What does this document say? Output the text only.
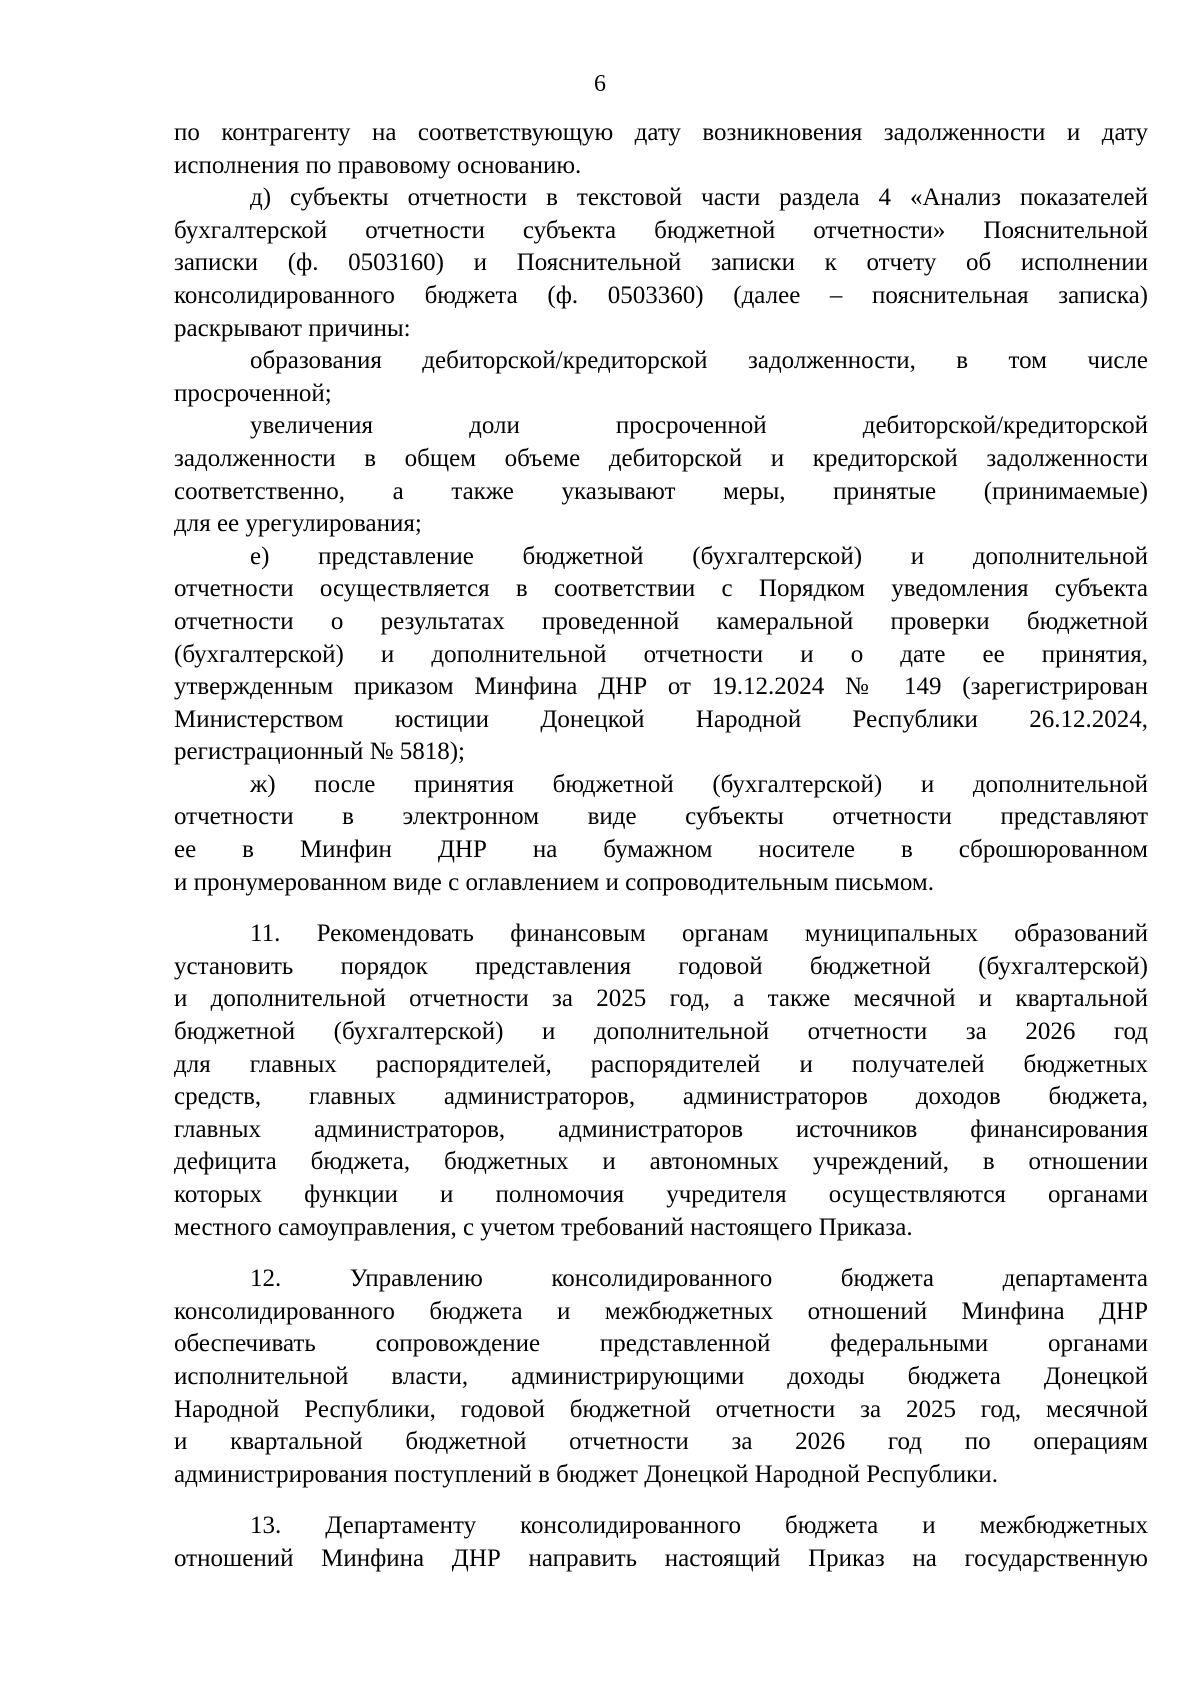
6
по контрагенту на соответствующую дату возникновения задолженности и дату
исполнения по правовому основанию.
д) субъекты отчетности в текстовой части раздела 4 «Анализ показателей
бухгалтерской отчетности субъекта бюджетной отчетности» Пояснительной
записки (ф. 0503160) и Пояснительной записки к отчету об исполнении
консолидированного бюджета (ф. 0503360) (далее – пояснительная записка)
раскрывают причины:
образования дебиторской/кредиторской задолженности, в том числе
просроченной;
увеличения доли просроченной дебиторской/кредиторской
задолженности в общем объеме дебиторской и кредиторской задолженности
соответственно, а также указывают меры, принятые (принимаемые)
для ее урегулирования;
е) представление бюджетной (бухгалтерской) и дополнительной
отчетности осуществляется в соответствии с Порядком уведомления субъекта
отчетности о результатах проведенной камеральной проверки бюджетной
(бухгалтерской) и дополнительной отчетности и о дате ее принятия,
утвержденным приказом Минфина ДНР от 19.12.2024 № 149 (зарегистрирован
Министерством юстиции Донецкой Народной Республики 26.12.2024,
регистрационный № 5818);
ж) после принятия бюджетной (бухгалтерской) и дополнительной
отчетности в электронном виде субъекты отчетности представляют
ее в Минфин ДНР на бумажном носителе в сброшюрованном
и пронумерованном виде с оглавлением и сопроводительным письмом.
11. Рекомендовать финансовым органам муниципальных образований
установить порядок представления годовой бюджетной (бухгалтерской)
и дополнительной отчетности за 2025 год, а также месячной и квартальной
бюджетной (бухгалтерской) и дополнительной отчетности за 2026 год
для главных распорядителей, распорядителей и получателей бюджетных
средств, главных администраторов, администраторов доходов бюджета,
главных администраторов, администраторов источников финансирования
дефицита бюджета, бюджетных и автономных учреждений, в отношении
которых функции и полномочия учредителя осуществляются органами
местного самоуправления, с учетом требований настоящего Приказа.
12. Управлению консолидированного бюджета департамента
консолидированного бюджета и межбюджетных отношений Минфина ДНР
обеспечивать сопровождение представленной федеральными органами
исполнительной власти, администрирующими доходы бюджета Донецкой
Народной Республики, годовой бюджетной отчетности за 2025 год, месячной
и квартальной бюджетной отчетности за 2026 год по операциям
администрирования поступлений в бюджет Донецкой Народной Республики.
13. Департаменту консолидированного бюджета и межбюджетных
отношений Минфина ДНР направить настоящий Приказ на государственную
